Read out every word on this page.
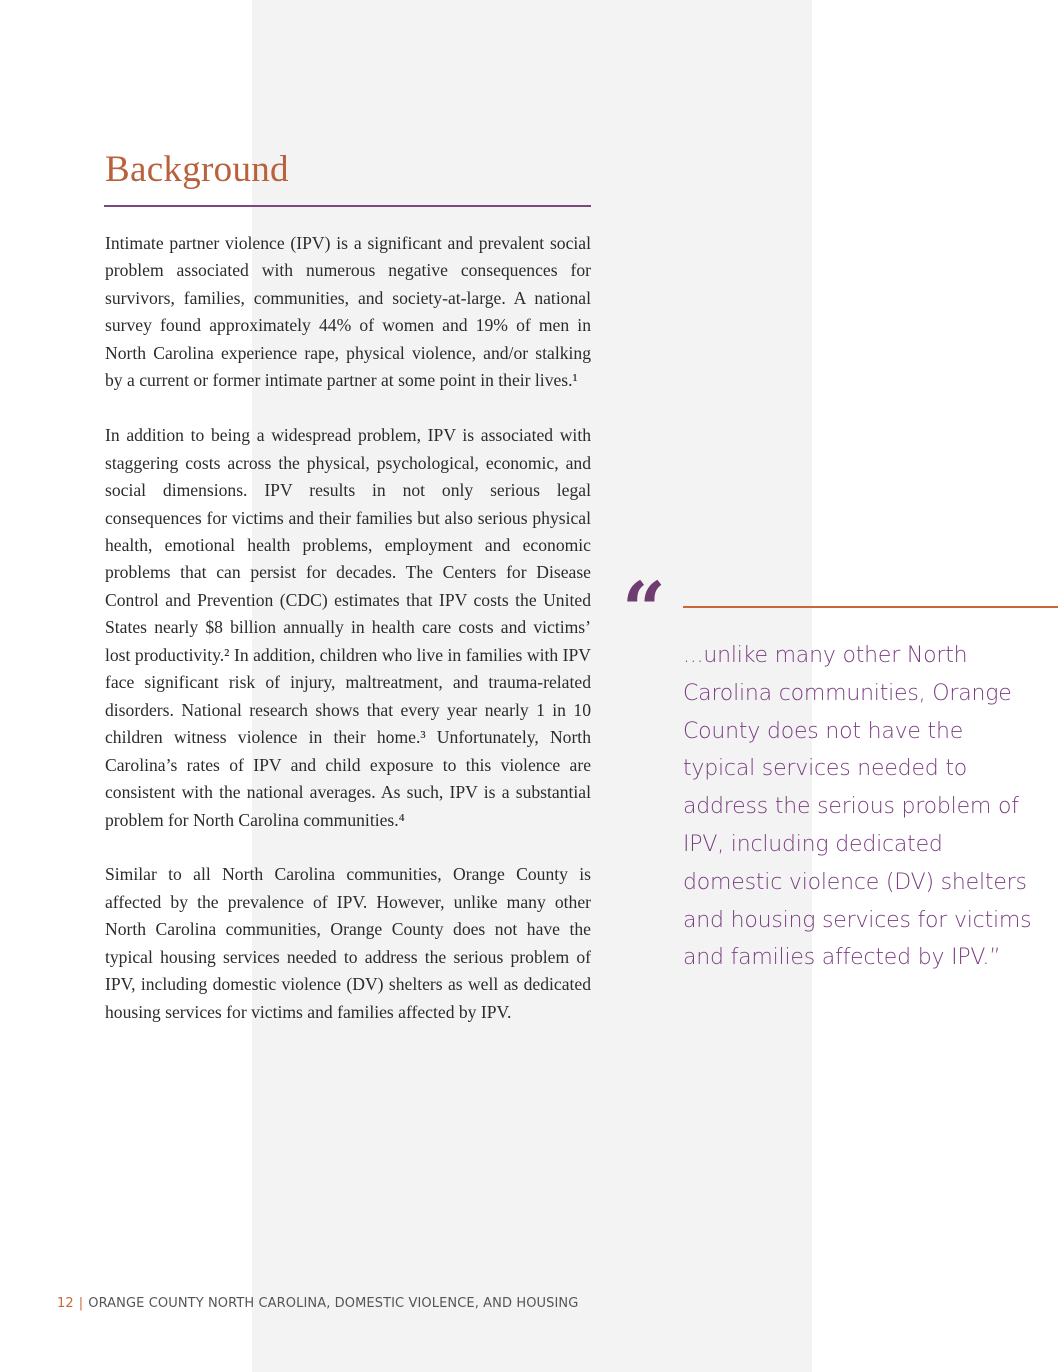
Background

Intimate partner violence (IPV) is a significant and prevalent social problem associated with numerous negative consequences for survivors, families, communities, and society-at-large. A national survey found approximately 44% of women and 19% of men in North Carolina experience rape, physical violence, and/or stalking by a current or former intimate partner at some point in their lives.¹

In addition to being a widespread problem, IPV is associated with staggering costs across the physical, psychological, economic, and social dimensions. IPV results in not only serious legal consequences for victims and their families but also serious physical health, emotional health problems, employment and economic problems that can persist for decades. The Centers for Disease Control and Prevention (CDC) estimates that IPV costs the United States nearly $8 billion annually in health care costs and victims’ lost productivity.² In addition, children who live in families with IPV face significant risk of injury, maltreatment, and trauma-related disorders. National research shows that every year nearly 1 in 10 children witness violence in their home.³ Unfortunately, North Carolina’s rates of IPV and child exposure to this violence are consistent with the national averages. As such, IPV is a substantial problem for North Carolina communities.⁴

Similar to all North Carolina communities, Orange County is affected by the prevalence of IPV. However, unlike many other North Carolina communities, Orange County does not have the typical housing services needed to address the serious problem of IPV, including domestic violence (DV) shelters as well as dedicated housing services for victims and families affected by IPV.

“
...unlike many other North Carolina communities, Orange County does not have the typical services needed to address the serious problem of IPV, including dedicated domestic violence (DV) shelters and housing services for victims and families affected by IPV.”
12 | ORANGE COUNTY NORTH CAROLINA, DOMESTIC VIOLENCE, AND HOUSING
